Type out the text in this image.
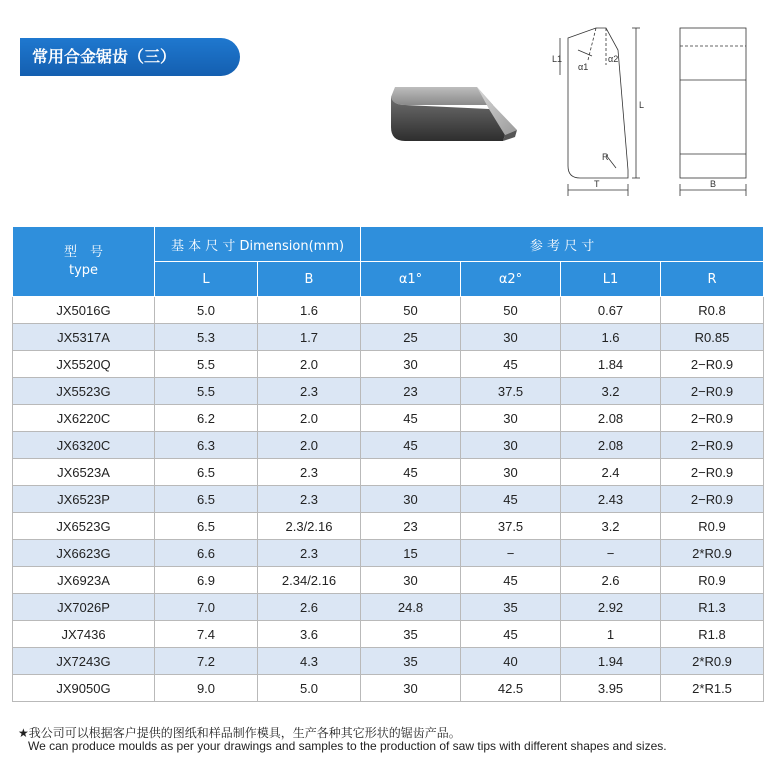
常用合金锯齿（三）	L1
α1
α2
L
R
T	B
型　号
type	基 本 尺 寸 Dimension(mm)		参 考 尺 寸			
	L	B	α1°	α2°	L1	R
JX5016G	5.0	1.6	50	50	0.67	R0.8
JX5317A	5.3	1.7	25	30	1.6	R0.85
JX5520Q	5.5	2.0	30	45	1.84	2−R0.9
JX5523G	5.5	2.3	23	37.5	3.2	2−R0.9
JX6220C	6.2	2.0	45	30	2.08	2−R0.9
JX6320C	6.3	2.0	45	30	2.08	2−R0.9
JX6523A	6.5	2.3	45	30	2.4	2−R0.9
JX6523P	6.5	2.3	30	45	2.43	2−R0.9
JX6523G	6.5	2.3/2.16	23	37.5	3.2	R0.9
JX6623G	6.6	2.3	15	−	−	2*R0.9
JX6923A	6.9	2.34/2.16	30	45	2.6	R0.9
JX7026P	7.0	2.6	24.8	35	2.92	R1.3
JX7436	7.4	3.6	35	45	1	R1.8
JX7243G	7.2	4.3	35	40	1.94	2*R0.9
JX9050G	9.0	5.0	30	42.5	3.95	2*R1.5
★我公司可以根据客户提供的图纸和样品制作模具，生产各种其它形状的锯齿产品。
We can produce moulds as per your drawings and samples to the production of saw tips with different shapes and sizes.
